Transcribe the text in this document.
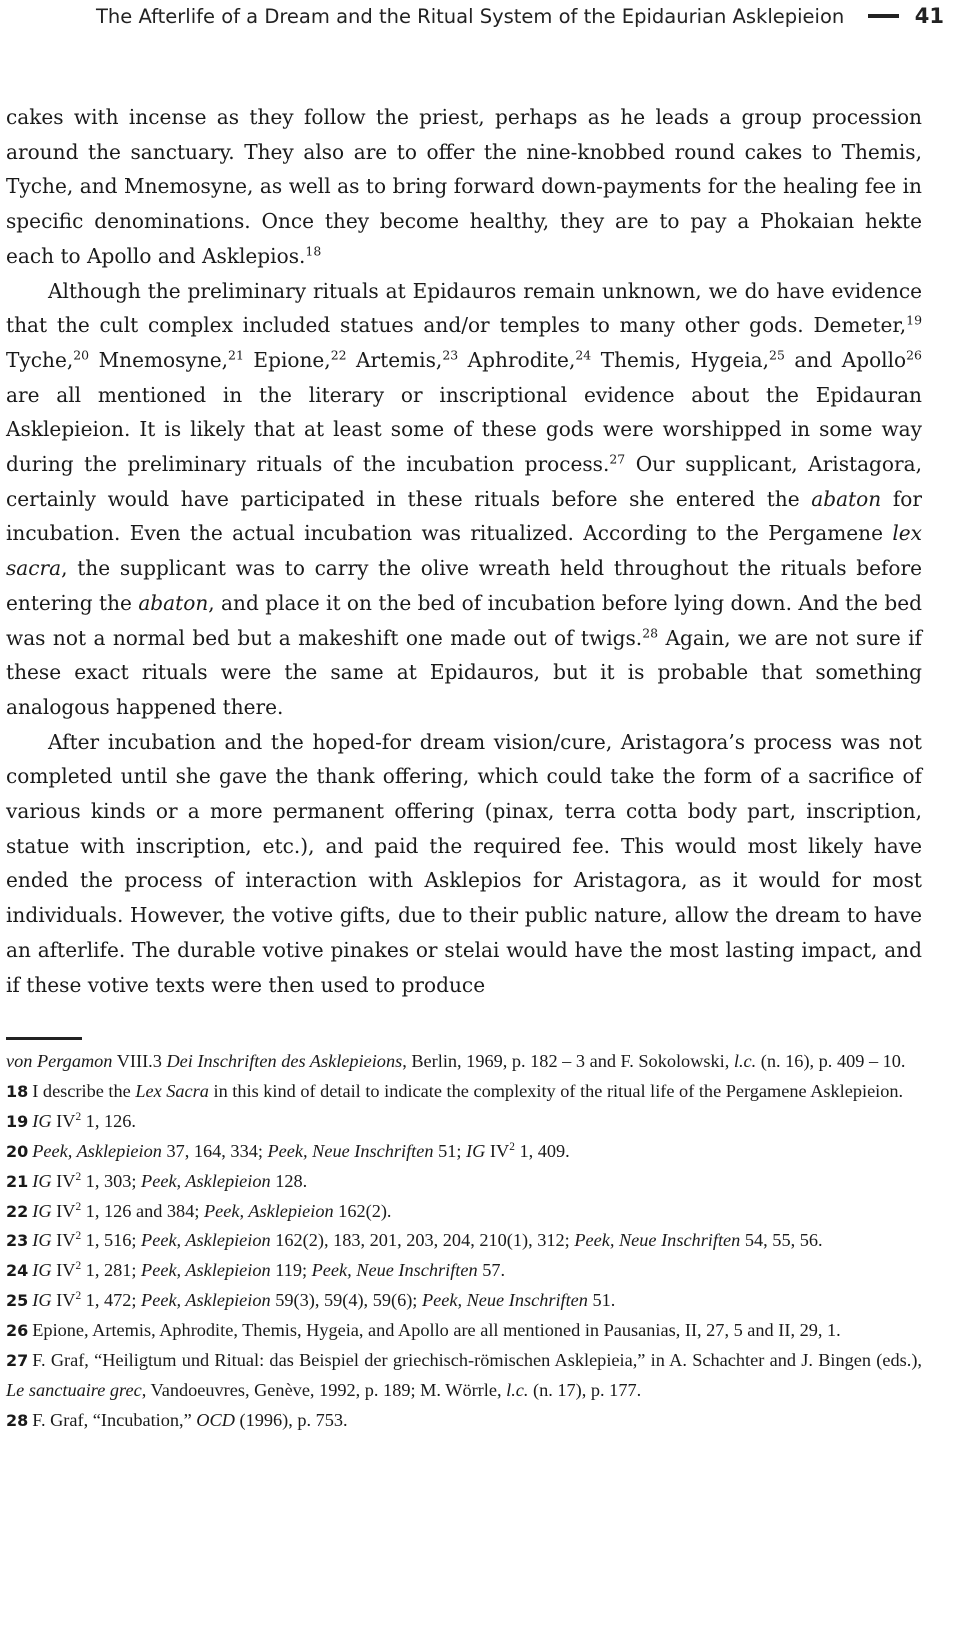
The Afterlife of a Dream and the Ritual System of the Epidaurian Asklepieion	41

cakes with incense as they follow the priest, perhaps as he leads a group procession around the sanctuary. They also are to offer the nine-knobbed round cakes to Themis, Tyche, and Mnemosyne, as well as to bring forward down-payments for the healing fee in specific denominations. Once they become healthy, they are to pay a Phokaian hekte each to Apollo and Asklepios.$^{18}$

Although the preliminary rituals at Epidauros remain unknown, we do have evidence that the cult complex included statues and/or temples to many other gods. Demeter,$^{19}$ Tyche,$^{20}$ Mnemosyne,$^{21}$ Epione,$^{22}$ Artemis,$^{23}$ Aphrodite,$^{24}$ Themis, Hygeia,$^{25}$ and Apollo$^{26}$ are all mentioned in the literary or inscriptional evidence about the Epidauran Asklepieion. It is likely that at least some of these gods were worshipped in some way during the preliminary rituals of the incubation process.$^{27}$ Our supplicant, Aristagora, certainly would have participated in these rituals before she entered the abaton for incubation. Even the actual incubation was ritualized. According to the Pergamene lex sacra, the supplicant was to carry the olive wreath held throughout the rituals before entering the abaton, and place it on the bed of incubation before lying down. And the bed was not a normal bed but a makeshift one made out of twigs.$^{28}$ Again, we are not sure if these exact rituals were the same at Epidauros, but it is probable that something analogous happened there.

After incubation and the hoped-for dream vision/cure, Aristagora’s process was not completed until she gave the thank offering, which could take the form of a sacrifice of various kinds or a more permanent offering (pinax, terra cotta body part, inscription, statue with inscription, etc.), and paid the required fee. This would most likely have ended the process of interaction with Asklepios for Aristagora, as it would for most individuals. However, the votive gifts, due to their public nature, allow the dream to have an afterlife. The durable votive pinakes or stelai would have the most lasting impact, and if these votive texts were then used to produce

von Pergamon VIII.3 Dei Inschriften des Asklepieions, Berlin, 1969, p. 182 – 3 and F. Sokolowski, l.c. (n. 16), p. 409 – 10.

18 I describe the Lex Sacra in this kind of detail to indicate the complexity of the ritual life of the Pergamene Asklepieion.

19 IG $IV^2$ 1, 126.

20 Peek, Asklepieion 37, 164, 334; Peek, Neue Inschriften 51; IG $IV^2$ 1, 409.

21 IG $IV^2$ 1, 303; Peek, Asklepieion 128.

22 IG $IV^2$ 1, 126 and 384; Peek, Asklepieion 162(2).

23 IG $IV^2$ 1, 516; Peek, Asklepieion 162(2), 183, 201, 203, 204, 210(1), 312; Peek, Neue Inschriften 54, 55, 56.

24 IG $IV^2$ 1, 281; Peek, Asklepieion 119; Peek, Neue Inschriften 57.

25 IG $IV^2$ 1, 472; Peek, Asklepieion 59(3), 59(4), 59(6); Peek, Neue Inschriften 51.

26 Epione, Artemis, Aphrodite, Themis, Hygeia, and Apollo are all mentioned in Pausanias, II, 27, 5 and II, 29, 1.

27 F. Graf, “Heiligtum und Ritual: das Beispiel der griechisch-römischen Asklepieia,” in A. Schachter and J. Bingen (eds.), Le sanctuaire grec, Vandoeuvres, Genève, 1992, p. 189; M. Wörrle, l.c. (n. 17), p. 177.

28 F. Graf, “Incubation,” OCD (1996), p. 753.
